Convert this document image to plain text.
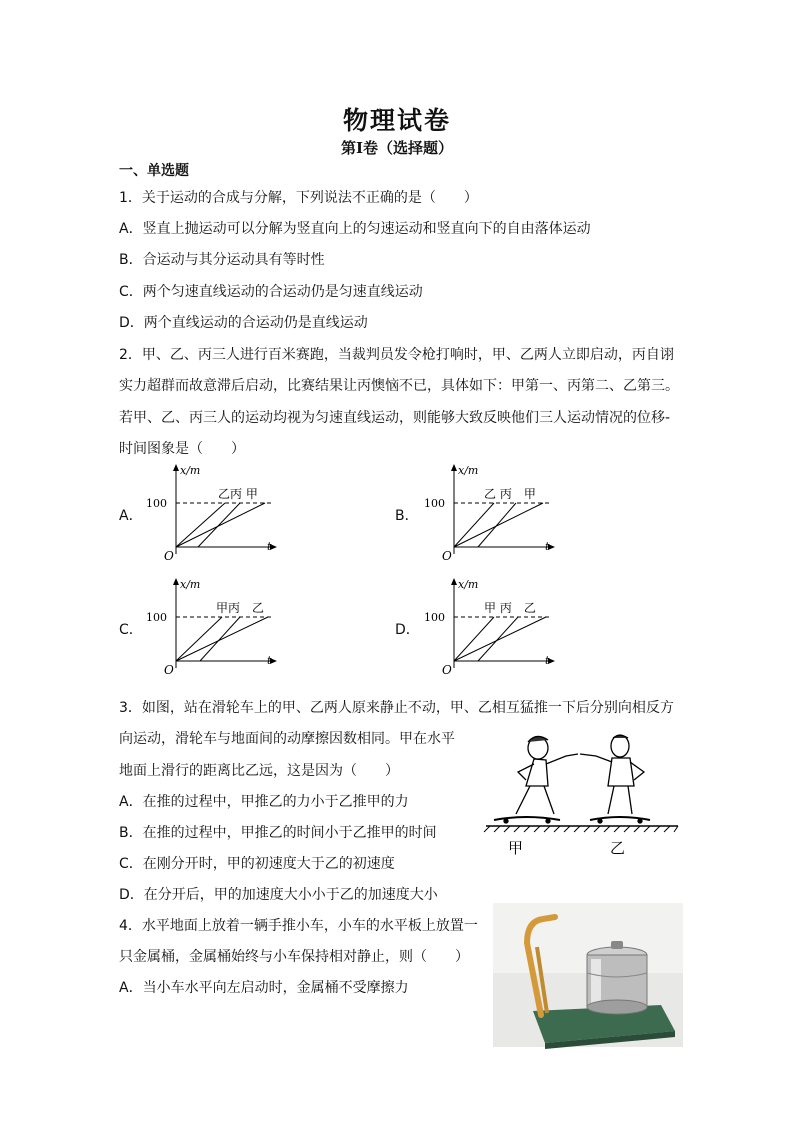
物理试卷
第I卷（选择题）
一、单选题
1．关于运动的合成与分解，下列说法不正确的是（　　）
A．竖直上抛运动可以分解为竖直向上的匀速运动和竖直向下的自由落体运动
B．合运动与其分运动具有等时性
C．两个匀速直线运动的合运动仍是匀速直线运动
D．两个直线运动的合运动仍是直线运动
2．甲、乙、丙三人进行百米赛跑，当裁判员发令枪打响时，甲、乙两人立即启动，丙自诩
实力超群而故意滞后启动，比赛结果让丙懊恼不已，具体如下：甲第一、丙第二、乙第三。
若甲、乙、丙三人的运动均视为匀速直线运动，则能够大致反映他们三人运动情况的位移-
时间图象是（　　）
A．
x/m
100
O
t
乙丙 甲
B．
x/m
100
O
t
乙 丙　甲
C．
x/m
100
O
t
甲丙　乙
D．
x/m
100
O
t
甲 丙　乙
3．如图，站在滑轮车上的甲、乙两人原来静止不动，甲、乙相互猛推一下后分别向相反方
向运动，滑轮车与地面间的动摩擦因数相同。甲在水平
地面上滑行的距离比乙远，这是因为（　　）
A．在推的过程中，甲推乙的力小于乙推甲的力
B．在推的过程中，甲推乙的时间小于乙推甲的时间
C．在刚分开时，甲的初速度大于乙的初速度
D．在分开后，甲的加速度大小小于乙的加速度大小
甲	乙
4．水平地面上放着一辆手推小车，小车的水平板上放置一
只金属桶，金属桶始终与小车保持相对静止，则（　　）
A．当小车水平向左启动时，金属桶不受摩擦力
